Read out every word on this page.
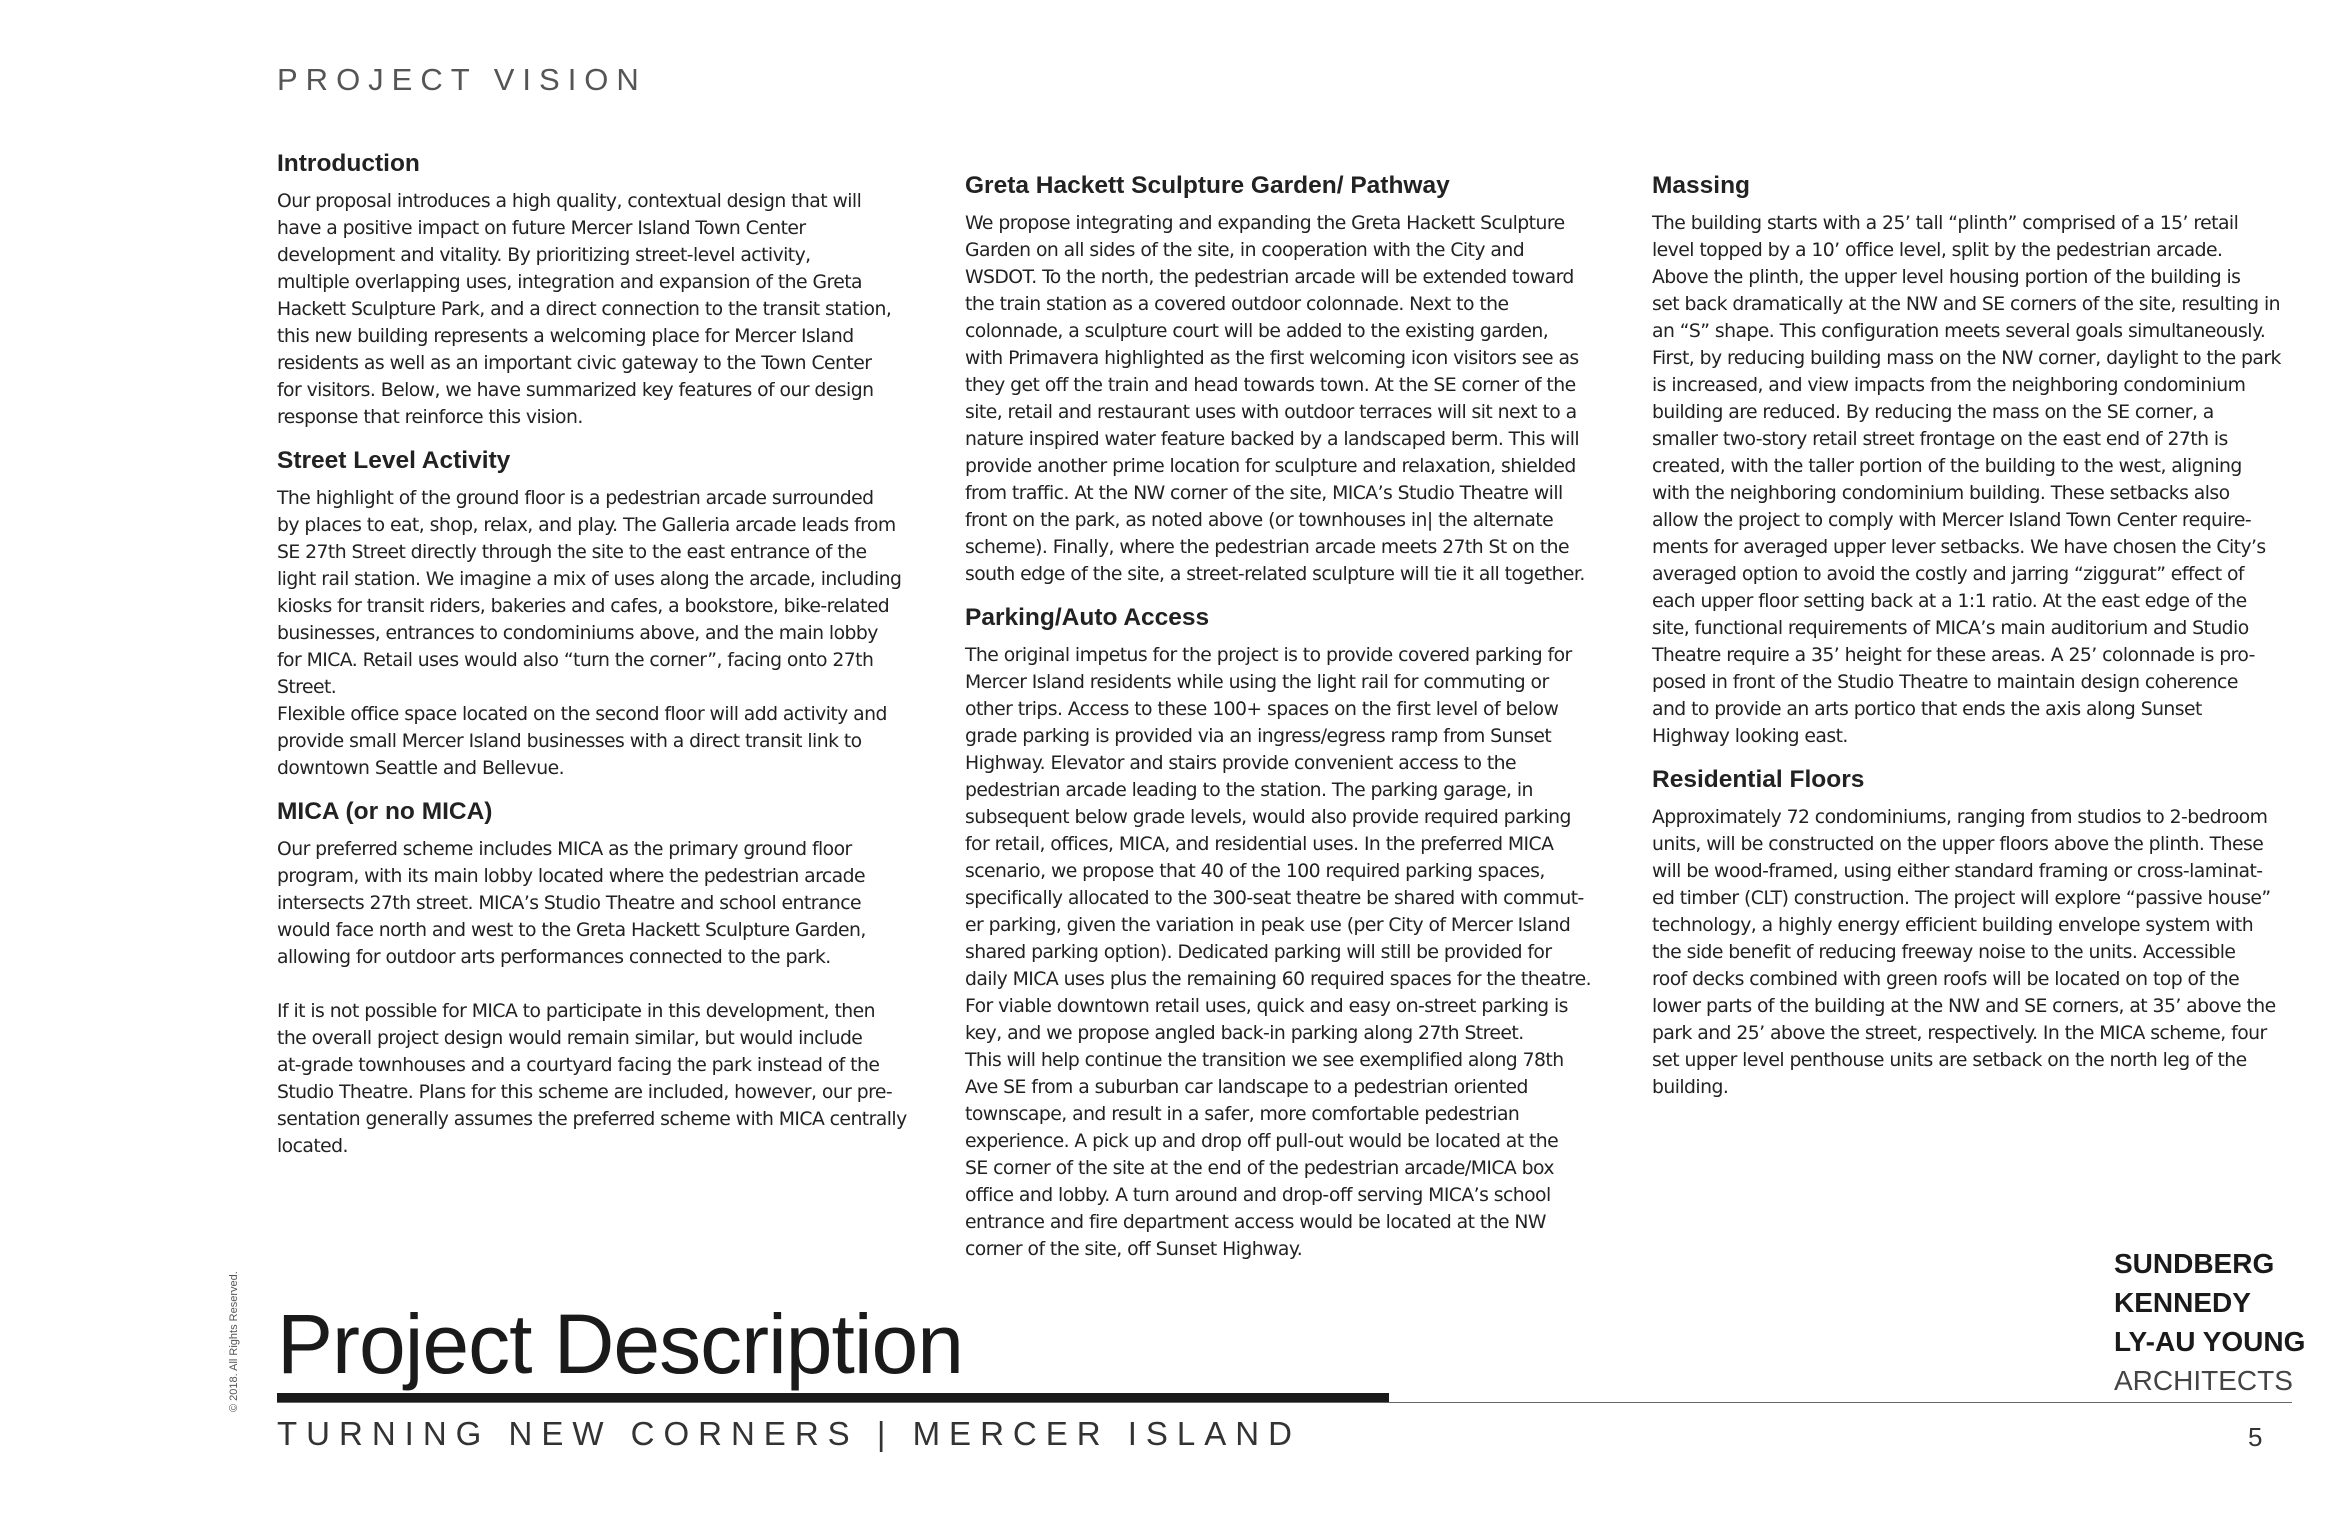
PROJECT VISION
Introduction

Our proposal introduces a high quality, contextual design that will
have a positive impact on future Mercer Island Town Center
development and vitality. By prioritizing street-level activity,
multiple overlapping uses, integration and expansion of the Greta
Hackett Sculpture Park, and a direct connection to the transit station,
this new building represents a welcoming place for Mercer Island
residents as well as an important civic gateway to the Town Center
for visitors. Below, we have summarized key features of our design
response that reinforce this vision.

Street Level Activity

The highlight of the ground floor is a pedestrian arcade surrounded
by places to eat, shop, relax, and play. The Galleria arcade leads from
SE 27th Street directly through the site to the east entrance of the
light rail station. We imagine a mix of uses along the arcade, including
kiosks for transit riders, bakeries and cafes, a bookstore, bike-related
businesses, entrances to condominiums above, and the main lobby
for MICA. Retail uses would also “turn the corner”, facing onto 27th
Street.
Flexible office space located on the second floor will add activity and
provide small Mercer Island businesses with a direct transit link to
downtown Seattle and Bellevue.

MICA (or no MICA)

Our preferred scheme includes MICA as the primary ground floor
program, with its main lobby located where the pedestrian arcade
intersects 27th street. MICA’s Studio Theatre and school entrance
would face north and west to the Greta Hackett Sculpture Garden,
allowing for outdoor arts performances connected to the park.

If it is not possible for MICA to participate in this development, then
the overall project design would remain similar, but would include
at-grade townhouses and a courtyard facing the park instead of the
Studio Theatre. Plans for this scheme are included, however, our pre-
sentation generally assumes the preferred scheme with MICA centrally
located.

Greta Hackett Sculpture Garden/ Pathway

We propose integrating and expanding the Greta Hackett Sculpture
Garden on all sides of the site, in cooperation with the City and
WSDOT. To the north, the pedestrian arcade will be extended toward
the train station as a covered outdoor colonnade. Next to the
colonnade, a sculpture court will be added to the existing garden,
with Primavera highlighted as the first welcoming icon visitors see as
they get off the train and head towards town. At the SE corner of the
site, retail and restaurant uses with outdoor terraces will sit next to a
nature inspired water feature backed by a landscaped berm. This will
provide another prime location for sculpture and relaxation, shielded
from traffic. At the NW corner of the site, MICA’s Studio Theatre will
front on the park, as noted above (or townhouses in| the alternate
scheme). Finally, where the pedestrian arcade meets 27th St on the
south edge of the site, a street-related sculpture will tie it all together.

Parking/Auto Access

The original impetus for the project is to provide covered parking for
Mercer Island residents while using the light rail for commuting or
other trips. Access to these 100+ spaces on the first level of below
grade parking is provided via an ingress/egress ramp from Sunset
Highway. Elevator and stairs provide convenient access to the
pedestrian arcade leading to the station. The parking garage, in
subsequent below grade levels, would also provide required parking
for retail, offices, MICA, and residential uses. In the preferred MICA
scenario, we propose that 40 of the 100 required parking spaces,
specifically allocated to the 300-seat theatre be shared with commut-
er parking, given the variation in peak use (per City of Mercer Island
shared parking option). Dedicated parking will still be provided for
daily MICA uses plus the remaining 60 required spaces for the theatre.
For viable downtown retail uses, quick and easy on-street parking is
key, and we propose angled back-in parking along 27th Street.
This will help continue the transition we see exemplified along 78th
Ave SE from a suburban car landscape to a pedestrian oriented
townscape, and result in a safer, more comfortable pedestrian
experience. A pick up and drop off pull-out would be located at the
SE corner of the site at the end of the pedestrian arcade/MICA box
office and lobby. A turn around and drop-off serving MICA’s school
entrance and fire department access would be located at the NW
corner of the site, off Sunset Highway.

Massing

The building starts with a 25’ tall “plinth” comprised of a 15’ retail
level topped by a 10’ office level, split by the pedestrian arcade.
Above the plinth, the upper level housing portion of the building is
set back dramatically at the NW and SE corners of the site, resulting in
an “S” shape. This configuration meets several goals simultaneously.
First, by reducing building mass on the NW corner, daylight to the park
is increased, and view impacts from the neighboring condominium
building are reduced. By reducing the mass on the SE corner, a
smaller two-story retail street frontage on the east end of 27th is
created, with the taller portion of the building to the west, aligning
with the neighboring condominium building. These setbacks also
allow the project to comply with Mercer Island Town Center require-
ments for averaged upper lever setbacks. We have chosen the City’s
averaged option to avoid the costly and jarring “ziggurat” effect of
each upper floor setting back at a 1:1 ratio. At the east edge of the
site, functional requirements of MICA’s main auditorium and Studio
Theatre require a 35’ height for these areas. A 25’ colonnade is pro-
posed in front of the Studio Theatre to maintain design coherence
and to provide an arts portico that ends the axis along Sunset
Highway looking east.

Residential Floors

Approximately 72 condominiums, ranging from studios to 2-bedroom
units, will be constructed on the upper floors above the plinth. These
will be wood-framed, using either standard framing or cross-laminat-
ed timber (CLT) construction. The project will explore “passive house”
technology, a highly energy efficient building envelope system with
the side benefit of reducing freeway noise to the units. Accessible
roof decks combined with green roofs will be located on top of the
lower parts of the building at the NW and SE corners, at 35’ above the
park and 25’ above the street, respectively. In the MICA scheme, four
set upper level penthouse units are setback on the north leg of the
building.

© 2018. All Rights Reserved.
SUNDBERG
KENNEDY
LY-AU YOUNG
ARCHITECTS
Project Description
TURNING NEW CORNERS | MERCER ISLAND	5
